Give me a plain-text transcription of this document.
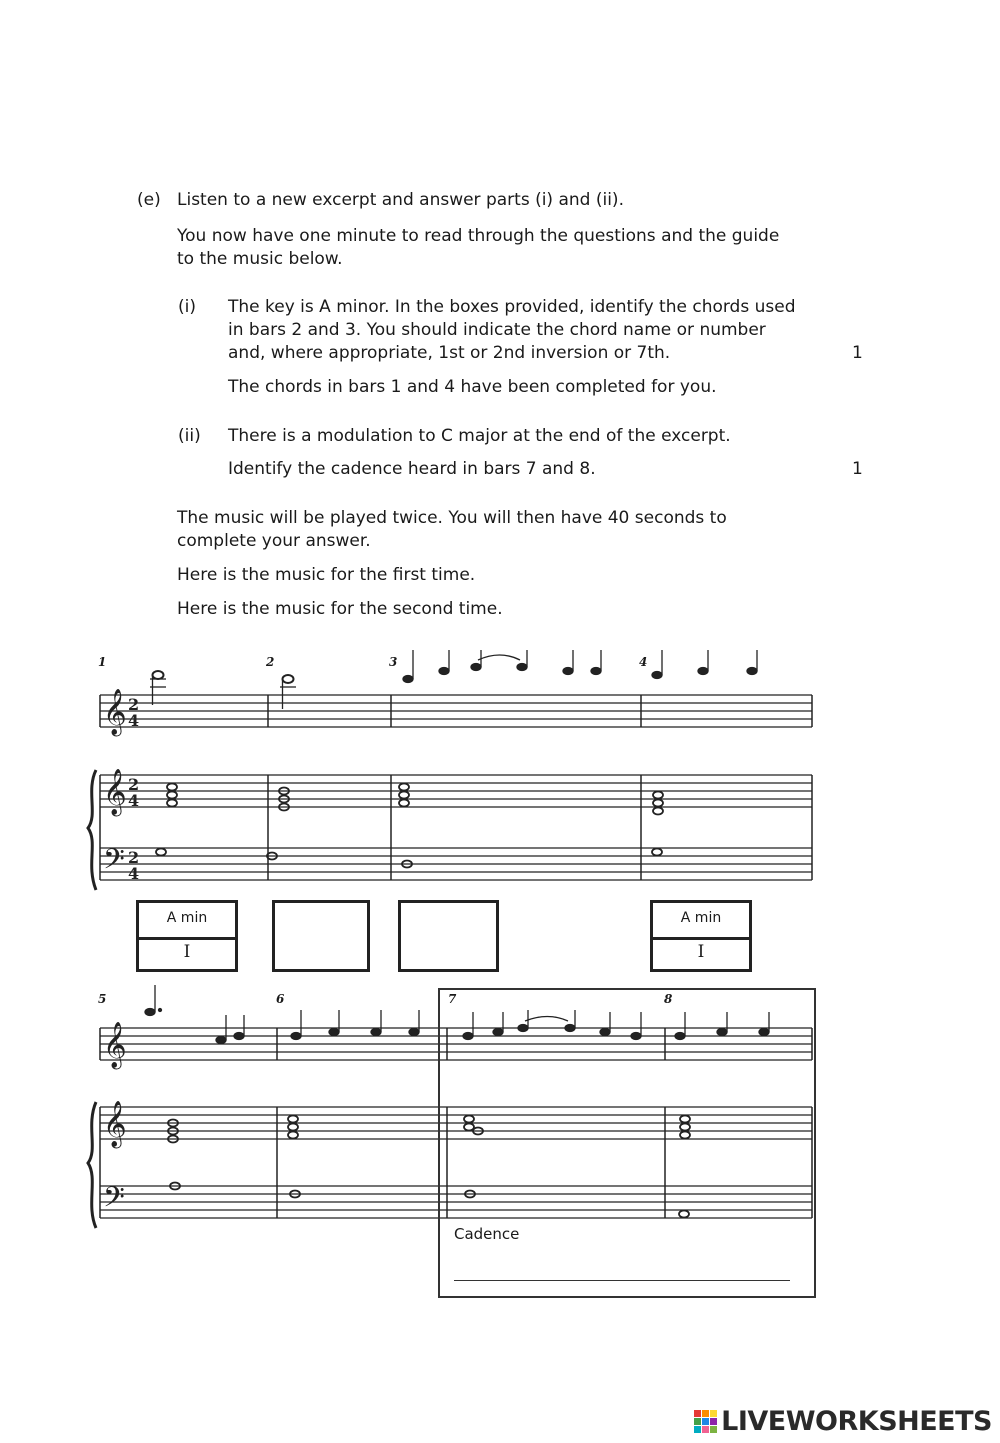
(e) Listen to a new excerpt and answer parts (i) and (ii).
You now have one minute to read through the questions and the guide
to the music below.
(i) The key is A minor. In the boxes provided, identify the chords used
in bars 2 and 3. You should indicate the chord name or number
and, where appropriate, 1st or 2nd inversion or 7th.	1
The chords in bars 1 and 4 have been completed for you.
(ii) There is a modulation to C major at the end of the excerpt.
Identify the cadence heard in bars 7 and 8.	1
The music will be played twice. You will then have 40 seconds to
complete your answer.
Here is the music for the first time.
Here is the music for the second time.
1	2	3	4
5	6	7	8
𝄞
𝄞
𝄢
2
4
2
4
2
4
𝄞
𝄞
𝄢
A min
I
A min
I
Cadence
LIVEWORKSHEETS
